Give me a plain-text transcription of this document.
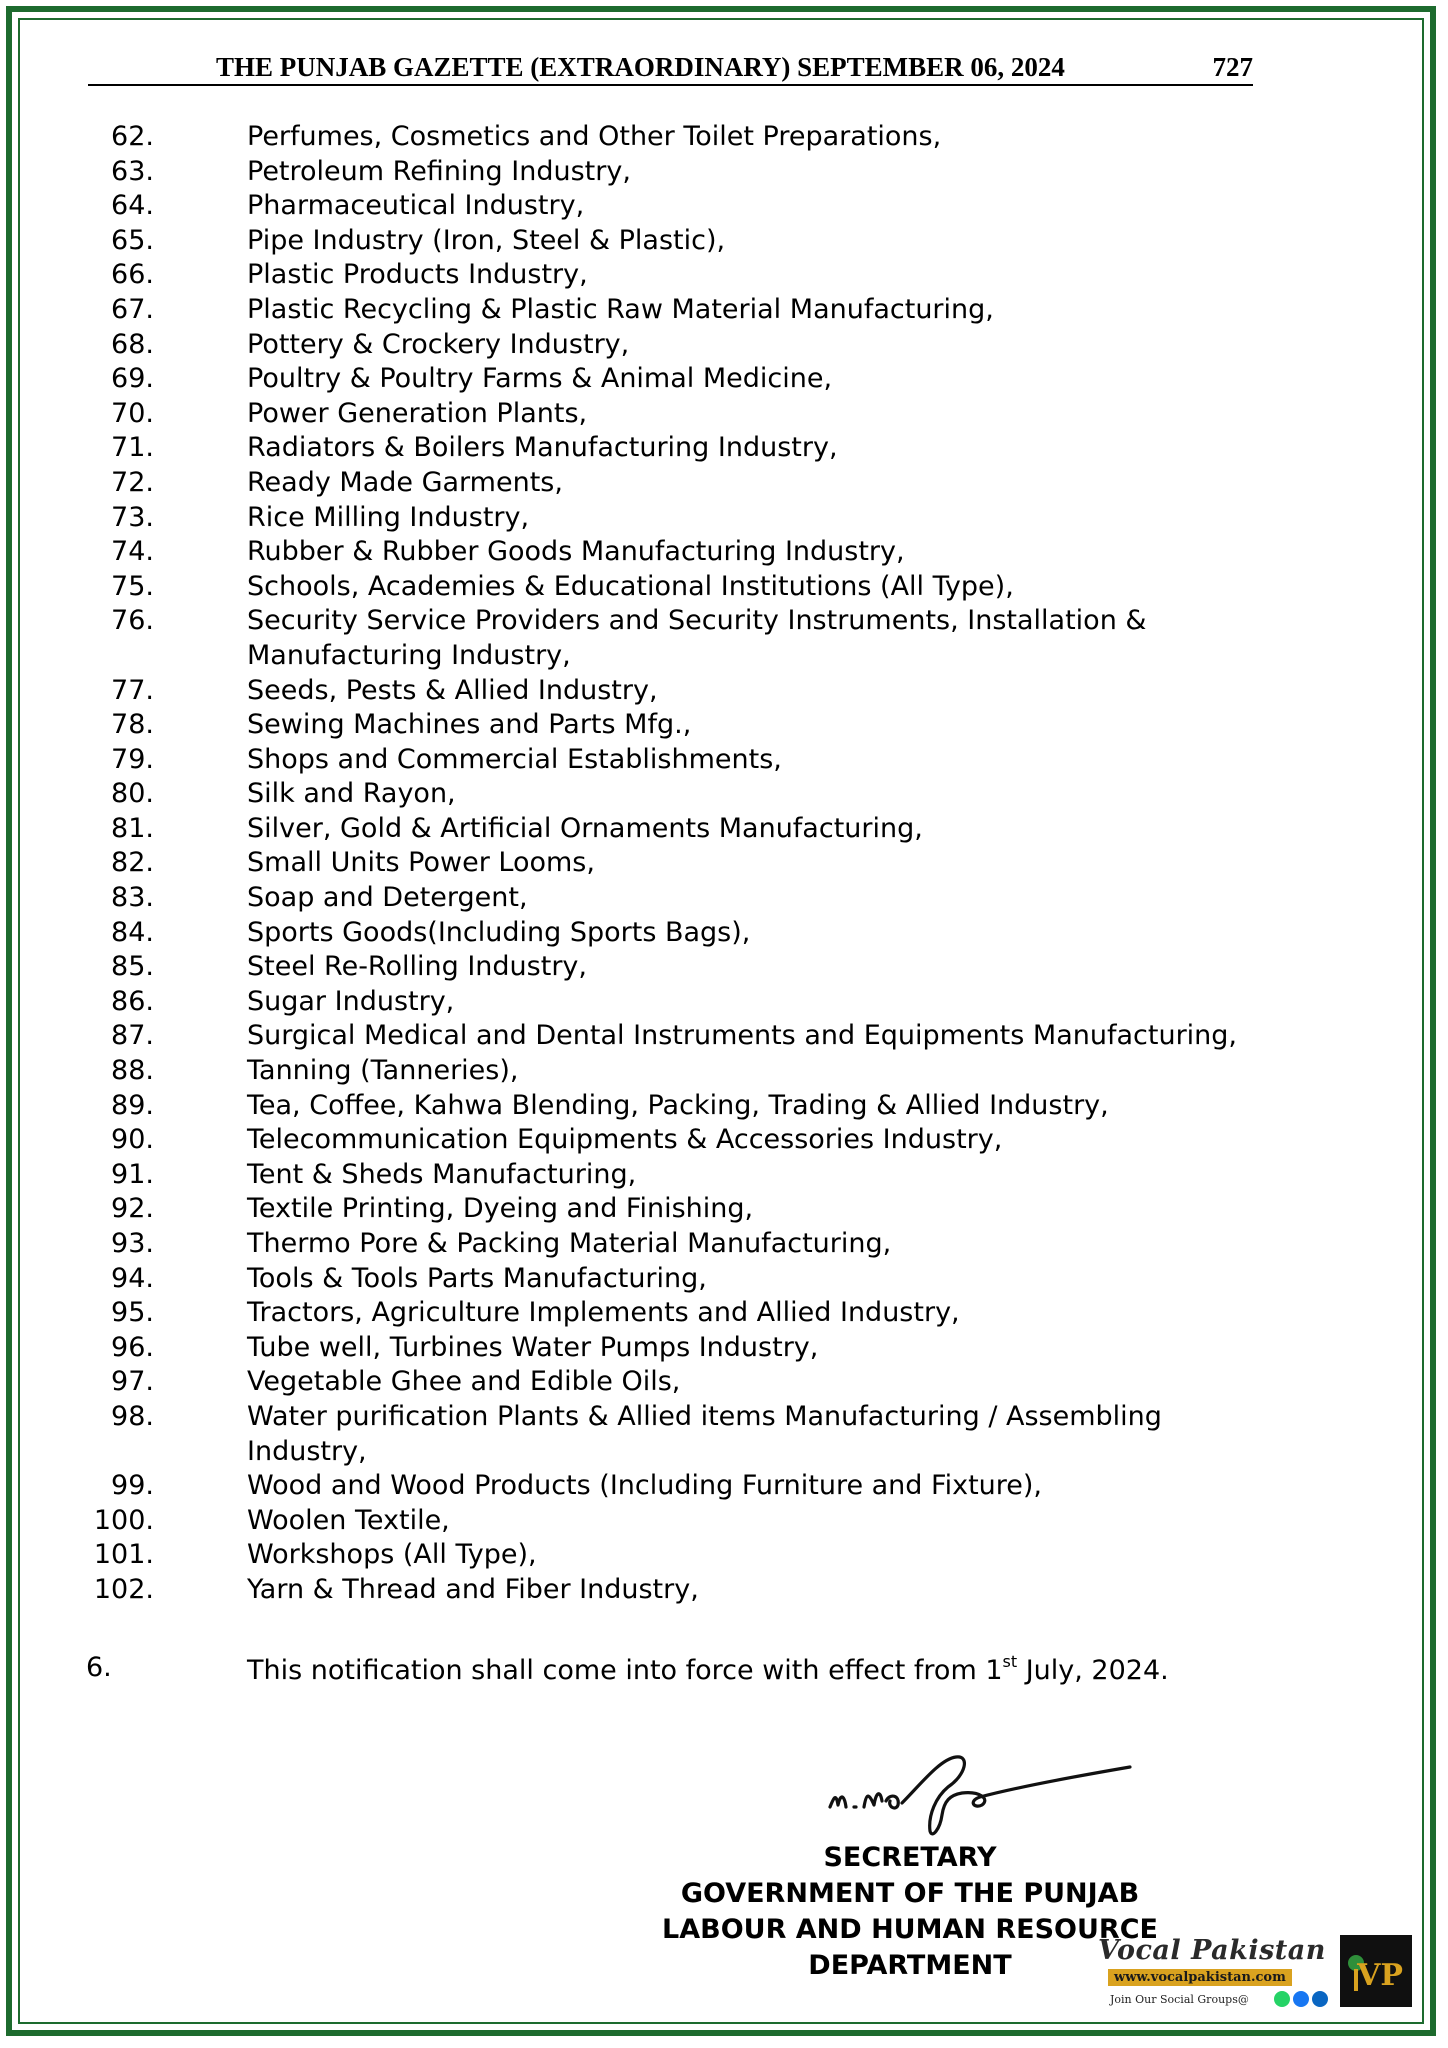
THE PUNJAB GAZETTE (EXTRAORDINARY) SEPTEMBER 06, 2024	727
62.	Perfumes, Cosmetics and Other Toilet Preparations,
63.	Petroleum Refining Industry,
64.	Pharmaceutical Industry,
65.	Pipe Industry (Iron, Steel & Plastic),
66.	Plastic Products Industry,
67.	Plastic Recycling & Plastic Raw Material Manufacturing,
68.	Pottery & Crockery Industry,
69.	Poultry & Poultry Farms & Animal Medicine,
70.	Power Generation Plants,
71.	Radiators & Boilers Manufacturing Industry,
72.	Ready Made Garments,
73.	Rice Milling Industry,
74.	Rubber & Rubber Goods Manufacturing Industry,
75.	Schools, Academies & Educational Institutions (All Type),
76.	Security Service Providers and Security Instruments, Installation & Manufacturing Industry,
77.	Seeds, Pests & Allied Industry,
78.	Sewing Machines and Parts Mfg.,
79.	Shops and Commercial Establishments,
80.	Silk and Rayon,
81.	Silver, Gold & Artificial Ornaments Manufacturing,
82.	Small Units Power Looms,
83.	Soap and Detergent,
84.	Sports Goods(Including Sports Bags),
85.	Steel Re-Rolling Industry,
86.	Sugar Industry,
87.	Surgical Medical and Dental Instruments and Equipments Manufacturing,
88.	Tanning (Tanneries),
89.	Tea, Coffee, Kahwa Blending, Packing, Trading & Allied Industry,
90.	Telecommunication Equipments & Accessories Industry,
91.	Tent & Sheds Manufacturing,
92.	Textile Printing, Dyeing and Finishing,
93.	Thermo Pore & Packing Material Manufacturing,
94.	Tools & Tools Parts Manufacturing,
95.	Tractors, Agriculture Implements and Allied Industry,
96.	Tube well, Turbines Water Pumps Industry,
97.	Vegetable Ghee and Edible Oils,
98.	Water purification Plants & Allied items Manufacturing / Assembling Industry,
99.	Wood and Wood Products (Including Furniture and Fixture),
100.	Woolen Textile,
101.	Workshops (All Type),
102.	Yarn & Thread and Fiber Industry,
6.	This notification shall come into force with effect from 1st July, 2024.
SECRETARY
GOVERNMENT OF THE PUNJAB
LABOUR AND HUMAN RESOURCE
DEPARTMENT	Vocal Pakistan
www.vocalpakistan.com
Join Our Social Groups@
VP
